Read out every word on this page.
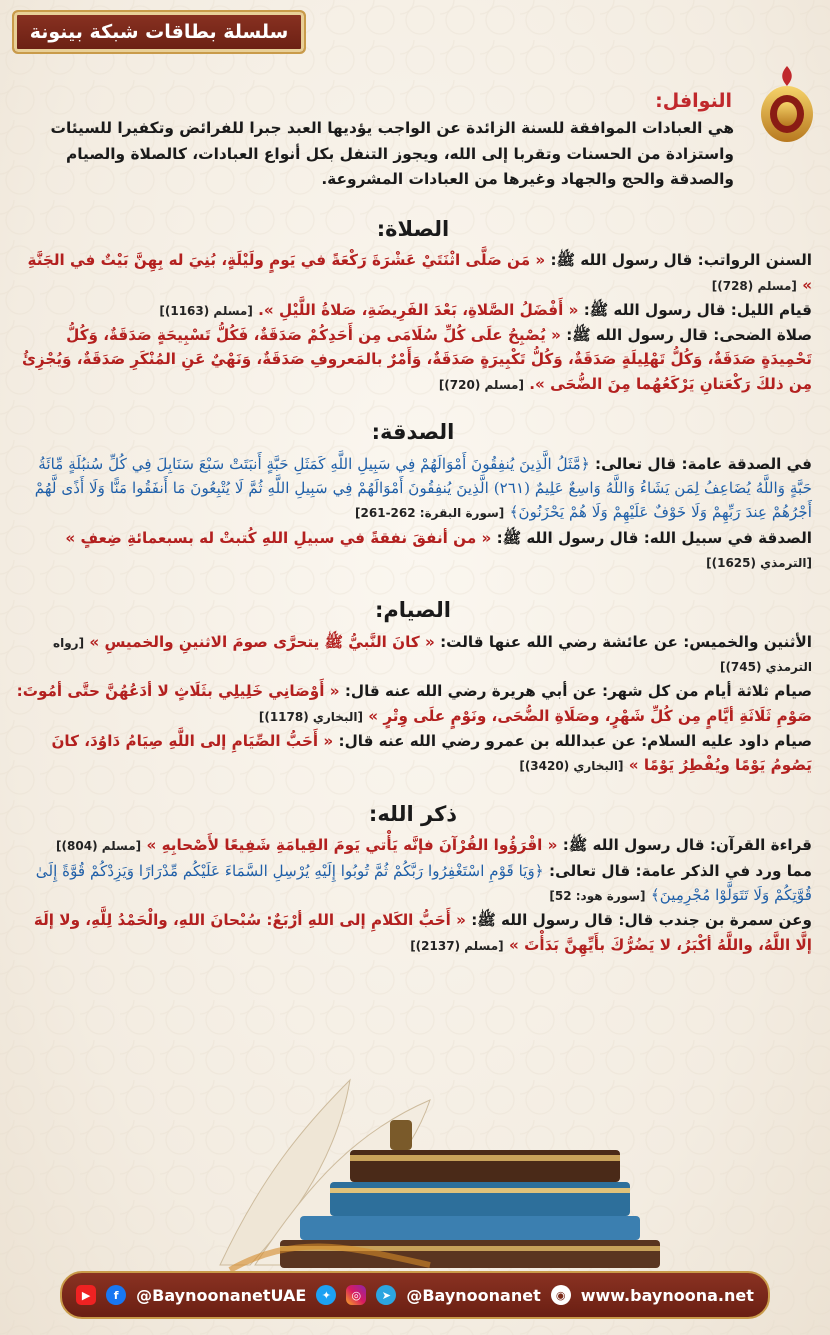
سلسلة بطاقات شبكة بينونة
النوافل:
هي العبادات الموافقة للسنة الزائدة عن الواجب يؤديها العبد جبرا للفرائض وتكفيرا للسيئات واستزادة من الحسنات وتقربا إلى الله، ويجوز التنفل بكل أنواع العبادات، كالصلاة والصيام والصدقة والحج والجهاد وغيرها من العبادات المشروعة.
الصلاة:
السنن الرواتب: قال رسول الله ﷺ: « مَن صَلَّى اثْنَتَيْ عَشْرَةَ رَكْعَةً في يَومٍ ولَيْلَةٍ، بُنِيَ له بِهِنَّ بَيْتٌ في الجَنَّةِ » [مسلم (728)]
قيام الليل: قال رسول الله ﷺ: « أَفْضَلُ الصَّلاةِ، بَعْدَ الفَرِيضَةِ، صَلاةُ اللَّيْلِ ». [مسلم (1163)]
صلاة الضحى: قال رسول الله ﷺ: « يُصْبِحُ علَى كُلِّ سُلَامَى مِن أَحَدِكُمْ صَدَقَةٌ، فَكُلُّ تَسْبِيحَةٍ صَدَقَةٌ، وَكُلُّ تَحْمِيدَةٍ صَدَقَةٌ، وَكُلُّ تَهْلِيلَةٍ صَدَقَةٌ، وَكُلُّ تَكْبِيرَةٍ صَدَقَةٌ، وَأَمْرٌ بالمَعروفِ صَدَقَةٌ، وَنَهْيٌ عَنِ المُنْكَرِ صَدَقَةٌ، وَيُجْزِئُ مِن ذلكَ رَكْعَتانِ يَرْكَعُهُما مِنَ الضُّحَى ». [مسلم (720)]
الصدقة:
في الصدقة عامة: قال تعالى: ﴿مَّثَلُ الَّذِينَ يُنفِقُونَ أَمْوَالَهُمْ فِي سَبِيلِ اللَّهِ كَمَثَلِ حَبَّةٍ أَنبَتَتْ سَبْعَ سَنَابِلَ فِي كُلِّ سُنبُلَةٍ مِّائَةُ حَبَّةٍ وَاللَّهُ يُضَاعِفُ لِمَن يَشَاءُ وَاللَّهُ وَاسِعٌ عَلِيمٌ (٢٦١) الَّذِينَ يُنفِقُونَ أَمْوَالَهُمْ فِي سَبِيلِ اللَّهِ ثُمَّ لَا يُتْبِعُونَ مَا أَنفَقُوا مَنًّا وَلَا أَذًى لَّهُمْ أَجْرُهُمْ عِندَ رَبِّهِمْ وَلَا خَوْفٌ عَلَيْهِمْ وَلَا هُمْ يَحْزَنُونَ﴾ [سورة البقرة: 262-261]
الصدقة في سبيل الله: قال رسول الله ﷺ: « من أنفقَ نفقةً في سبيلِ اللهِ كُتبتْ له بسبعمائةِ ضِعفٍ » [الترمذي (1625)]
الصيام:
الأثنين والخميس: عن عائشة رضي الله عنها قالت: « كانَ النَّبيُّ ﷺ يتحرَّى صومَ الاثنينِ والخميسِ » [رواه الترمذي (745)]
صيام ثلاثة أيام من كل شهر: عن أبي هريرة رضي الله عنه قال: « أَوْصَانِي خَلِيلِي بثَلَاثٍ لا أدَعُهُنَّ حتَّى أمُوتَ: صَوْمِ ثَلَاثَةِ أيَّامٍ مِن كُلِّ شَهْرٍ، وصَلَاةِ الضُّحَى، ونَوْمٍ علَى وِتْرٍ » [البخاري (1178)]
صيام داود عليه السلام: عن عبدالله بن عمرو رضي الله عنه قال: « أَحَبُّ الصِّيَامِ إلى اللَّهِ صِيَامُ دَاوُدَ، كانَ يَصُومُ يَوْمًا ويُفْطِرُ يَوْمًا » [البخاري (3420)]
ذكر الله:
قراءة القرآن: قال رسول الله ﷺ: « اقْرَؤُوا القُرْآنَ فإنَّه يَأْتي يَومَ القِيامَةِ شَفِيعًا لأَصْحابِهِ » [مسلم (804)]
مما ورد في الذكر عامة: قال تعالى: ﴿وَيَا قَوْمِ اسْتَغْفِرُوا رَبَّكُمْ ثُمَّ تُوبُوا إِلَيْهِ يُرْسِلِ السَّمَاءَ عَلَيْكُم مِّدْرَارًا وَيَزِدْكُمْ قُوَّةً إِلَىٰ قُوَّتِكُمْ وَلَا تَتَوَلَّوْا مُجْرِمِينَ﴾ [سورة هود: 52]
وعن سمرة بن جندب قال: قال رسول الله ﷺ: « أَحَبُّ الكَلامِ إلى اللهِ أرْبَعٌ: سُبْحانَ اللهِ، والْحَمْدُ لِلَّهِ، ولا إلَهَ إلَّا اللَّهُ، واللَّهُ أكْبَرُ، لا يَضُرُّكَ بأَيِّهِنَّ بَدَأْتَ » [مسلم (2137)]
▶	f	@BaynoonanetUAE	✦	◎	➤ @Baynoonanet	◉ www.baynoona.net
